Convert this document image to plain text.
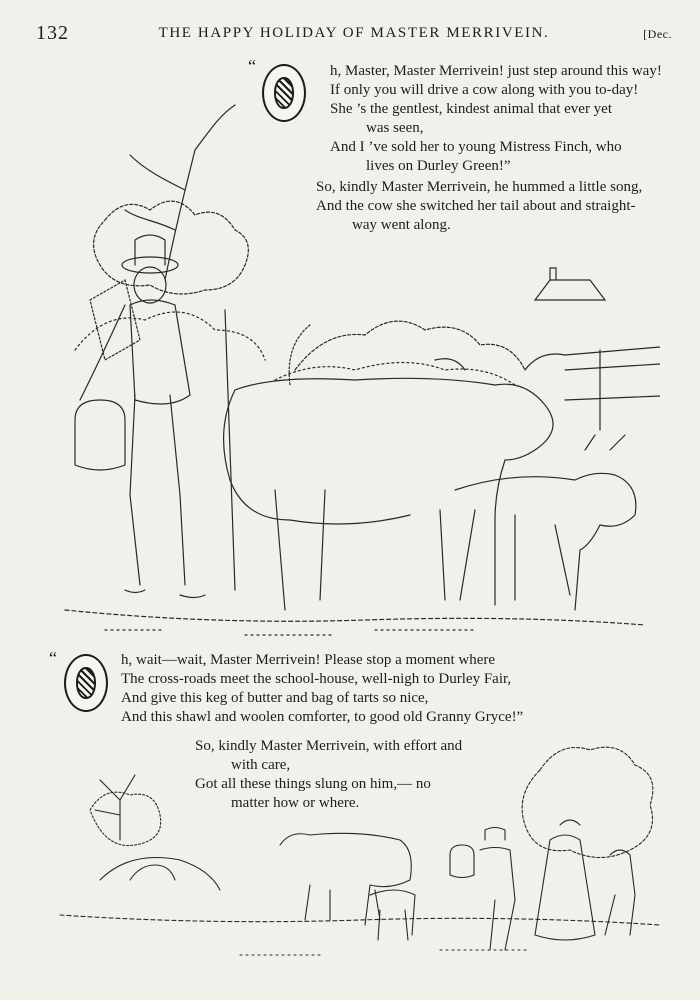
132	THE HAPPY HOLIDAY OF MASTER MERRIVEIN.	[Dec.
“	h, Master, Master Merrivein! just step around this way!
If only you will drive a cow along with you to-day!
She ’s the gentlest, kindest animal that ever yet
was seen,
And I ’ve sold her to young Mistress Finch, who
lives on Durley Green!”
So, kindly Master Merrivein, he hummed a little song,
And the cow she switched her tail about and straight-
way went along.
“	h, wait—wait, Master Merrivein! Please stop a moment where
The cross-roads meet the school-house, well-nigh to Durley Fair,
And give this keg of butter and bag of tarts so nice,
And this shawl and woolen comforter, to good old Granny Gryce!”
So, kindly Master Merrivein, with effort and
with care,
Got all these things slung on him,— no
matter how or where.
